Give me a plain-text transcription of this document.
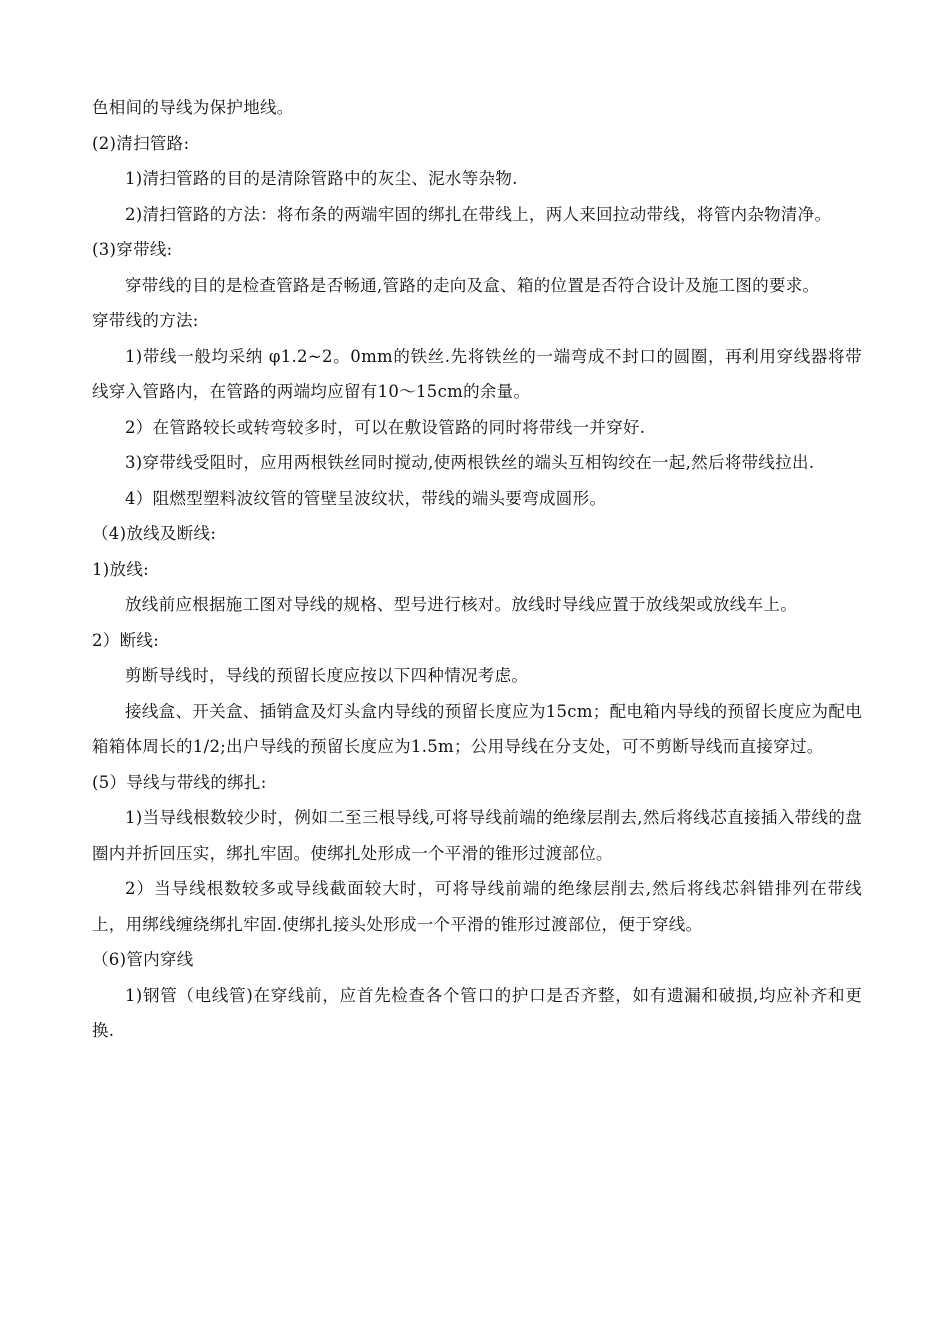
色相间的导线为保护地线。

(2)清扫管路:

1)清扫管路的目的是清除管路中的灰尘、泥水等杂物.

2)清扫管路的方法：将布条的两端牢固的绑扎在带线上，两人来回拉动带线，将管内杂物清净。

(3)穿带线:

穿带线的目的是检查管路是否畅通,管路的走向及盒、箱的位置是否符合设计及施工图的要求。

穿带线的方法:

1)带线一般均采纳 φ1.2~2。0mm的铁丝.先将铁丝的一端弯成不封口的圆圈，再利用穿线器将带线穿入管路内，在管路的两端均应留有10～15cm的余量。

2）在管路较长或转弯较多时，可以在敷设管路的同时将带线一并穿好.

3)穿带线受阻时，应用两根铁丝同时搅动,使两根铁丝的端头互相钩绞在一起,然后将带线拉出.

4）阻燃型塑料波纹管的管壁呈波纹状，带线的端头要弯成圆形。

（4)放线及断线:

1)放线:

放线前应根据施工图对导线的规格、型号进行核对。放线时导线应置于放线架或放线车上。

2）断线:

剪断导线时，导线的预留长度应按以下四种情况考虑。

接线盒、开关盒、插销盒及灯头盒内导线的预留长度应为15cm；配电箱内导线的预留长度应为配电箱箱体周长的1/2;出户导线的预留长度应为1.5m；公用导线在分支处，可不剪断导线而直接穿过。

(5）导线与带线的绑扎:

1)当导线根数较少时，例如二至三根导线,可将导线前端的绝缘层削去,然后将线芯直接插入带线的盘圈内并折回压实，绑扎牢固。使绑扎处形成一个平滑的锥形过渡部位。

2）当导线根数较多或导线截面较大时，可将导线前端的绝缘层削去,然后将线芯斜错排列在带线上，用绑线缠绕绑扎牢固.使绑扎接头处形成一个平滑的锥形过渡部位，便于穿线。

（6)管内穿线

1)钢管（电线管)在穿线前，应首先检查各个管口的护口是否齐整，如有遗漏和破损,均应补齐和更换.
